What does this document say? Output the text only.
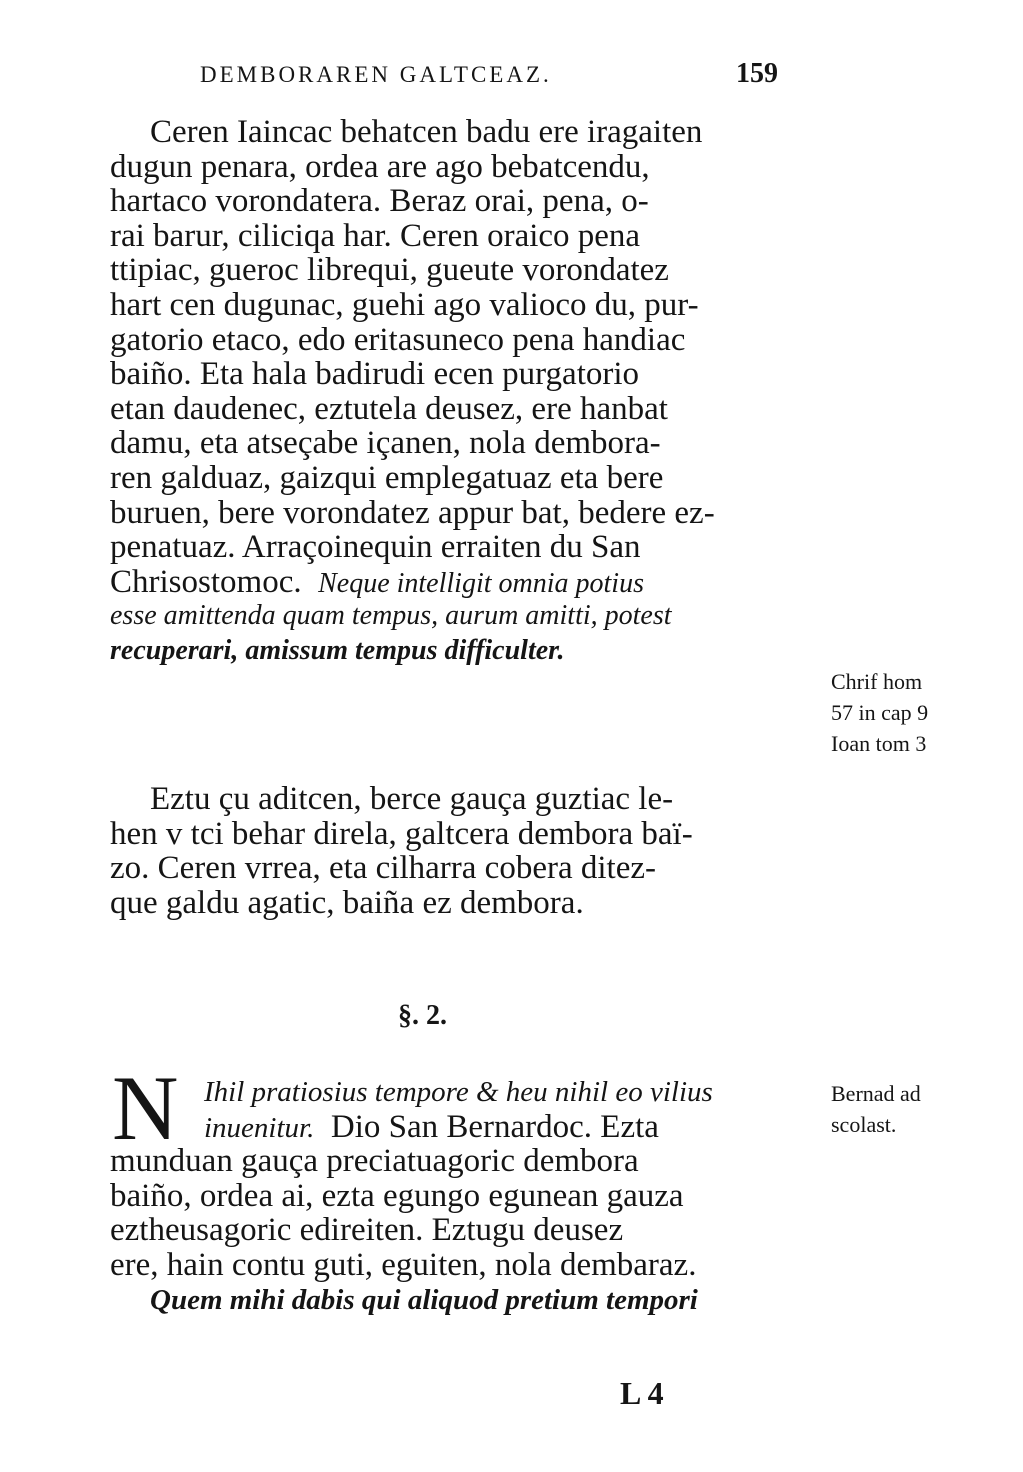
DEMBORAREN GALTCEAZ.	159
Ceren Iaincac behatcen badu ere iragaiten
dugun penara, ordea are ago bebatcendu,
hartaco vorondatera. Beraz orai, pena, o-
rai barur, ciliciqa har. Ceren oraico pena
ttipiac, gueroc librequi, gueute vorondatez
hart cen dugunac, guehi ago valioco du, pur-
gatorio etaco, edo eritasuneco pena handiac
baiño. Eta hala badirudi ecen purgatorio
etan daudenec, eztutela deusez, ere hanbat
damu, eta atseçabe içanen, nola dembora-
ren galduaz, gaizqui emplegatuaz eta bere
buruen, bere vorondatez appur bat, bedere ez-
penatuaz. Arraçoinequin erraiten du San
Chrisostomoc. Neque intelligit omnia potius
esse amittenda quam tempus, aurum amitti, potest
recuperari, amissum tempus difficulter.
Chrif hom
57 in cap 9
Ioan tom 3
Eztu çu aditcen, berce gauça guztiac le-
hen v tci behar direla, galtcera dembora baï-
zo. Ceren vrrea, eta cilharra cobera ditez-
que galdu agatic, baiña ez dembora.
§. 2.
N Ihil pratiosius tempore & heu nihil eo vilius
inuenitur. Dio San Bernardoc. Ezta
munduan gauça preciatuagoric dembora
baiño, ordea ai, ezta egungo egunean gauza
eztheusagoric edireiten. Eztugu deusez
ere, hain contu guti, eguiten, nola dembaraz.
Quem mihi dabis qui aliquod pretium tempori
Bernad ad
scolast.
L 4
